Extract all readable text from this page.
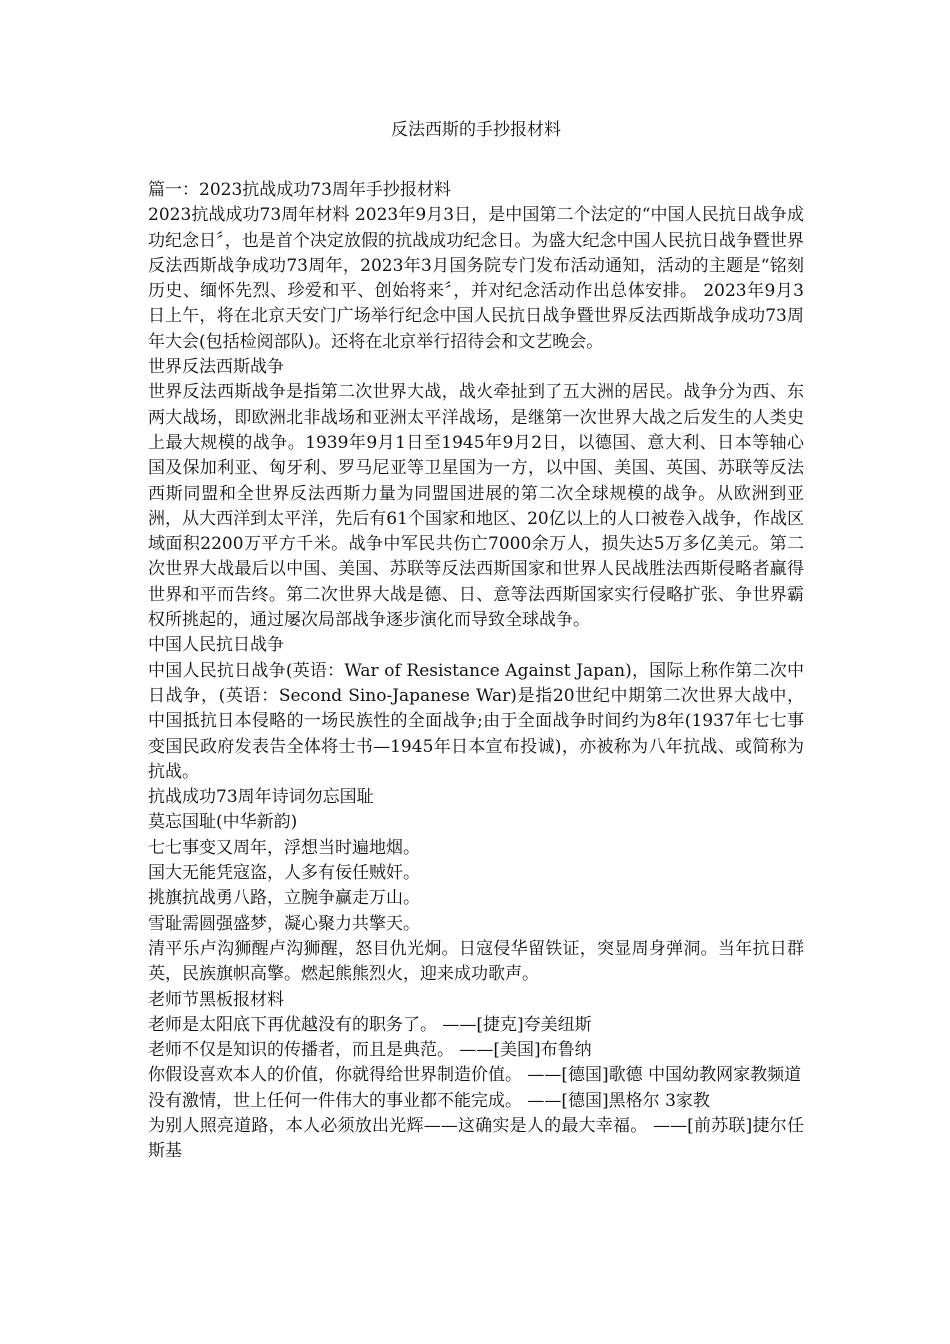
反法西斯的手抄报材料

篇一：2023抗战成功73周年手抄报材料

2023抗战成功73周年材料 2023年9月3日，是中国第二个法定的“中国人民抗日战争成功纪念日〞，也是首个决定放假的抗战成功纪念日。为盛大纪念中国人民抗日战争暨世界反法西斯战争成功73周年，2023年3月国务院专门发布活动通知，活动的主题是“铭刻历史、缅怀先烈、珍爱和平、创始将来〞，并对纪念活动作出总体安排。 2023年9月3日上午，将在北京天安门广场举行纪念中国人民抗日战争暨世界反法西斯战争成功73周年大会(包括检阅部队)。还将在北京举行招待会和文艺晚会。

世界反法西斯战争

世界反法西斯战争是指第二次世界大战，战火牵扯到了五大洲的居民。战争分为西、东两大战场，即欧洲北非战场和亚洲太平洋战场，是继第一次世界大战之后发生的人类史上最大规模的战争。1939年9月1日至1945年9月2日，以德国、意大利、日本等轴心国及保加利亚、匈牙利、罗马尼亚等卫星国为一方，以中国、美国、英国、苏联等反法西斯同盟和全世界反法西斯力量为同盟国进展的第二次全球规模的战争。从欧洲到亚洲，从大西洋到太平洋，先后有61个国家和地区、20亿以上的人口被卷入战争，作战区域面积2200万平方千米。战争中军民共伤亡7000余万人，损失达5万多亿美元。第二次世界大战最后以中国、美国、苏联等反法西斯国家和世界人民战胜法西斯侵略者赢得世界和平而告终。第二次世界大战是德、日、意等法西斯国家实行侵略扩张、争世界霸权所挑起的，通过屡次局部战争逐步演化而导致全球战争。

中国人民抗日战争

中国人民抗日战争(英语：War of Resistance Against Japan)，国际上称作第二次中日战争，(英语：Second Sino-Japanese War)是指20世纪中期第二次世界大战中，中国抵抗日本侵略的一场民族性的全面战争;由于全面战争时间约为8年(1937年七七事变国民政府发表告全体将士书—1945年日本宣布投诚)，亦被称为八年抗战、或简称为抗战。

抗战成功73周年诗词勿忘国耻

莫忘国耻(中华新韵)

七七事变又周年，浮想当时遍地烟。

国大无能凭寇盗，人多有佞任贼奸。

挑旗抗战勇八路，立腕争赢走万山。

雪耻需圆强盛梦，凝心聚力共擎天。

清平乐卢沟狮醒卢沟狮醒，怒目仇光炯。日寇侵华留铁证，突显周身弹洞。当年抗日群英，民族旗帜高擎。燃起熊熊烈火，迎来成功歌声。

老师节黑板报材料

老师是太阳底下再优越没有的职务了。 ——[捷克]夸美纽斯

老师不仅是知识的传播者，而且是典范。 ——[美国]布鲁纳

你假设喜欢本人的价值，你就得给世界制造价值。 ——[德国]歌德 中国幼教网家教频道

没有激情，世上任何一件伟大的事业都不能完成。 ——[德国]黑格尔 3家教

为别人照亮道路，本人必须放出光辉——这确实是人的最大幸福。 ——[前苏联]捷尔任斯基
